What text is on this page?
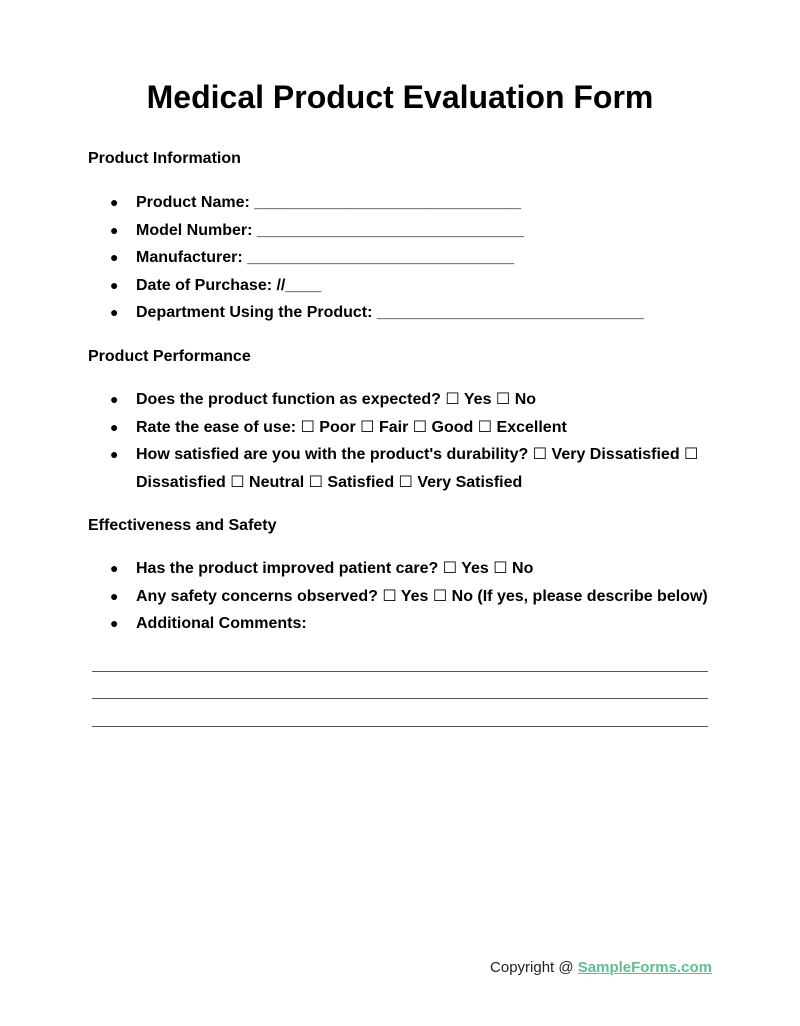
Medical Product Evaluation Form
Product Information
● Product Name: ______________________________
● Model Number: ______________________________
● Manufacturer: ______________________________
● Date of Purchase: //____
● Department Using the Product: ______________________________
Product Performance
● Does the product function as expected? ☐ Yes ☐ No
● Rate the ease of use: ☐ Poor ☐ Fair ☐ Good ☐ Excellent
● How satisfied are you with the product's durability? ☐ Very Dissatisfied ☐ Dissatisfied ☐ Neutral ☐ Satisfied ☐ Very Satisfied
Effectiveness and Safety
● Has the product improved patient care? ☐ Yes ☐ No
● Any safety concerns observed? ☐ Yes ☐ No (If yes, please describe below)
● Additional Comments:
Copyright @ SampleForms.com
